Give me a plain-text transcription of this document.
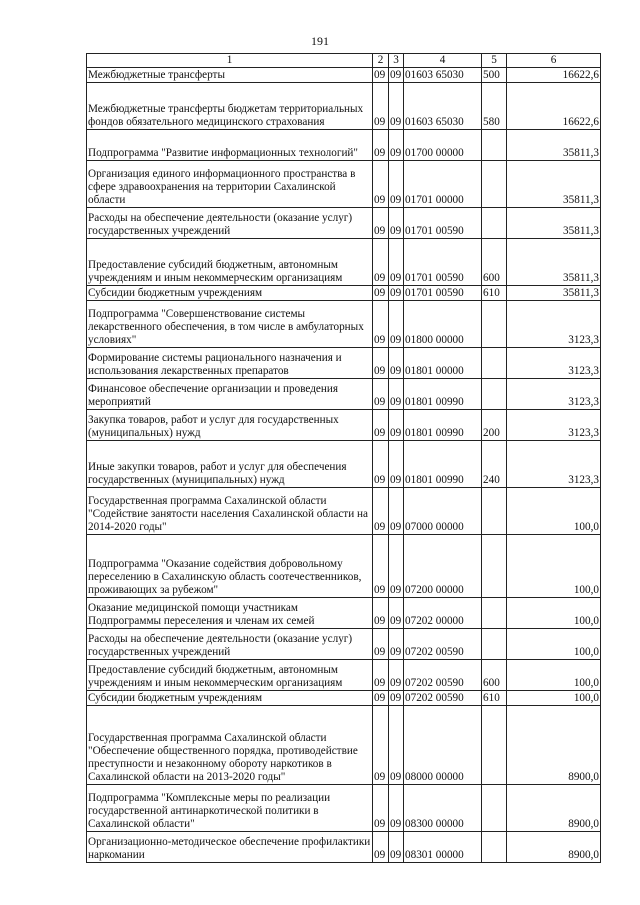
191
1	2	3	4	5	6
Межбюджетные трансферты	09	09	01603 65030	500	16622,6
Межбюджетные трансферты бюджетам территориальных фондов обязательного медицинского страхования	09	09	01603 65030	580	16622,6
Подпрограмма "Развитие информационных технологий"	09	09	01700 00000		35811,3
Организация единого информационного пространства в сфере здравоохранения на территории Сахалинской области	09	09	01701 00000		35811,3
Расходы на обеспечение деятельности (оказание услуг) государственных учреждений	09	09	01701 00590		35811,3
Предоставление субсидий бюджетным, автономным учреждениям и иным некоммерческим организациям	09	09	01701 00590	600	35811,3
Субсидии бюджетным учреждениям	09	09	01701 00590	610	35811,3
Подпрограмма "Совершенствование системы лекарственного обеспечения, в том числе в амбулаторных условиях"	09	09	01800 00000		3123,3
Формирование системы рационального назначения и использования лекарственных препаратов	09	09	01801 00000		3123,3
Финансовое обеспечение организации и проведения мероприятий	09	09	01801 00990		3123,3
Закупка товаров, работ и услуг для государственных (муниципальных) нужд	09	09	01801 00990	200	3123,3
Иные закупки товаров, работ и услуг для обеспечения государственных (муниципальных) нужд	09	09	01801 00990	240	3123,3
Государственная программа Сахалинской области "Содействие занятости населения Сахалинской области на 2014-2020 годы"	09	09	07000 00000		100,0
Подпрограмма "Оказание содействия добровольному переселению в Сахалинскую область соотечественников, проживающих за рубежом"	09	09	07200 00000		100,0
Оказание медицинской помощи участникам Подпрограммы переселения и членам их семей	09	09	07202 00000		100,0
Расходы на обеспечение деятельности (оказание услуг) государственных учреждений	09	09	07202 00590		100,0
Предоставление субсидий бюджетным, автономным учреждениям и иным некоммерческим организациям	09	09	07202 00590	600	100,0
Субсидии бюджетным учреждениям	09	09	07202 00590	610	100,0
Государственная программа Сахалинской области "Обеспечение общественного порядка, противодействие преступности и незаконному обороту наркотиков в Сахалинской области на 2013-2020 годы"	09	09	08000 00000		8900,0
Подпрограмма "Комплексные меры по реализации государственной антинаркотической политики в Сахалинской области"	09	09	08300 00000		8900,0
Организационно-методическое обеспечение профилактики наркомании	09	09	08301 00000		8900,0
